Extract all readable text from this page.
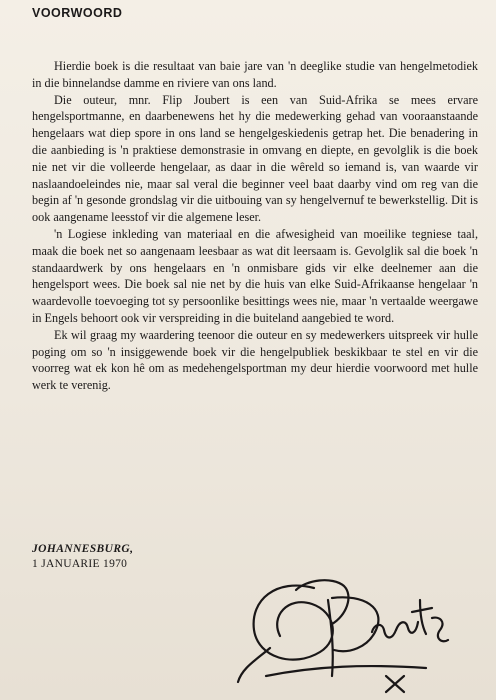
VOORWOORD

Hierdie boek is die resultaat van baie jare van 'n deeglike studie van hengelmetodiek in die binnelandse damme en riviere van ons land.

Die outeur, mnr. Flip Joubert is een van Suid-Afrika se mees ervare hengelsportmanne, en daarbenewens het hy die medewerking gehad van vooraanstaande hengelaars wat diep spore in ons land se hengelgeskiedenis getrap het. Die benadering in die aanbieding is 'n praktiese demonstrasie in omvang en diepte, en gevolglik is die boek nie net vir die volleerde hengelaar, as daar in die wêreld so iemand is, van waarde vir naslaandoeleindes nie, maar sal veral die beginner veel baat daarby vind om reg van die begin af 'n gesonde grondslag vir die uitbouing van sy hengelvernuf te bewerkstellig. Dit is ook aangename leesstof vir die algemene leser.

'n Logiese inkleding van materiaal en die afwesigheid van moeilike tegniese taal, maak die boek net so aangenaam leesbaar as wat dit leersaam is. Gevolglik sal die boek 'n standaardwerk by ons hengelaars en 'n onmisbare gids vir elke deelnemer aan die hengelsport wees. Die boek sal nie net by die huis van elke Suid-Afrikaanse hengelaar 'n waardevolle toevoeging tot sy persoonlike besittings wees nie, maar 'n vertaalde weergawe in Engels behoort ook vir verspreiding in die buiteland aangebied te word.

Ek wil graag my waardering teenoor die outeur en sy medewerkers uitspreek vir hulle poging om so 'n insiggewende boek vir die hengelpubliek beskikbaar te stel en vir die voorreg wat ek kon hê om as medehengelsportman my deur hierdie voorwoord met hulle werk te verenig.

JOHANNESBURG,
1 JANUARIE 1970
